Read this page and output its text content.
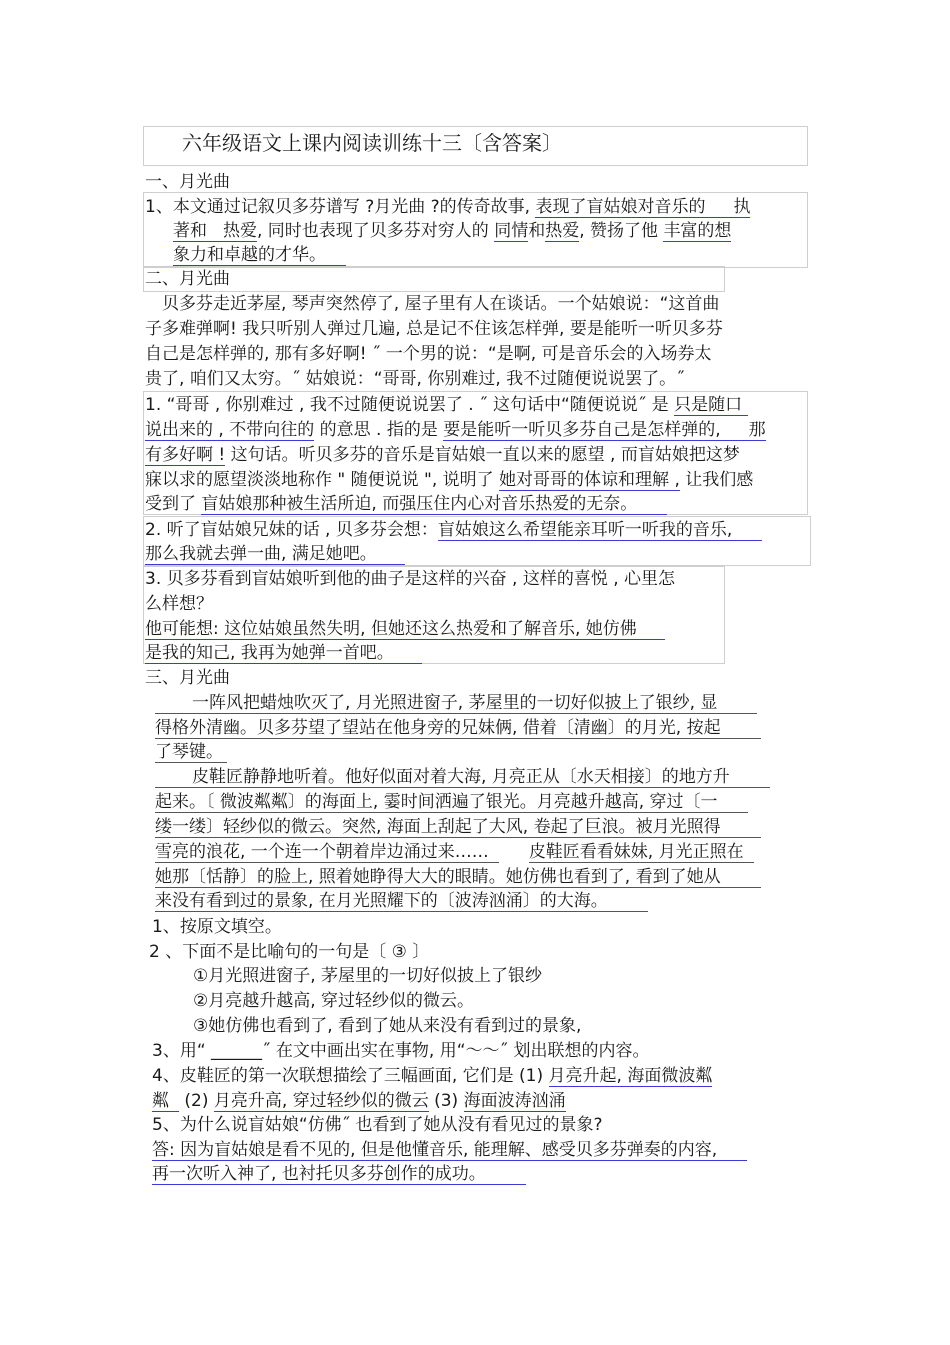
六年级语文上课内阅读训练十三〔含答案〕
一、月光曲
1、本文通过记叙贝多芬谱写 ?月光曲 ?的传奇故事, 表现了盲姑娘对音乐的 执
著和 热爱, 同时也表现了贝多芬对穷人的 同情和热爱, 赞扬了他 丰富的想
象力和卓越的才华。
二、月光曲
贝多芬走近茅屋, 琴声突然停了, 屋子里有人在谈话。一个姑娘说：“这首曲
子多难弹啊! 我只听别人弹过几遍, 总是记不住该怎样弹, 要是能听一听贝多芬
自己是怎样弹的, 那有多好啊! ˝ 一个男的说：“是啊, 可是音乐会的入场券太
贵了, 咱们又太穷。˝ 姑娘说：“哥哥, 你别难过, 我不过随便说说罢了。˝
1. “哥哥 , 你别难过 , 我不过随便说说罢了 . ˝ 这句话中“随便说说˝ 是 只是随口
说出来的 , 不带向往的 的意思 . 指的是 要是能听一听贝多芬自己是怎样弹的, 那
有多好啊 ! 这句话。听贝多芬的音乐是盲姑娘一直以来的愿望 , 而盲姑娘把这梦
寐以求的愿望淡淡地称作 " 随便说说 ", 说明了 她对哥哥的体谅和理解 , 让我们感
受到了 盲姑娘那种被生活所迫, 而强压住内心对音乐热爱的无奈。
2. 听了盲姑娘兄妹的话 , 贝多芬会想：盲姑娘这么希望能亲耳听一听我的音乐,
那么我就去弹一曲, 满足她吧。
3. 贝多芬看到盲姑娘听到他的曲子是这样的兴奋 , 这样的喜悦 , 心里怎
么样想？
他可能想: 这位姑娘虽然失明, 但她还这么热爱和了解音乐, 她仿佛
是我的知己, 我再为她弹一首吧。
三、月光曲
一阵风把蜡烛吹灭了, 月光照进窗子, 茅屋里的一切好似披上了银纱, 显
得格外清幽。贝多芬望了望站在他身旁的兄妹俩, 借着〔清幽〕的月光, 按起
了琴键。
皮鞋匠静静地听着。他好似面对着大海, 月亮正从〔水天相接〕的地方升
起来。〔 微波粼粼〕的海面上, 霎时间洒遍了银光。月亮越升越高, 穿过〔一
缕一缕〕轻纱似的微云。突然, 海面上刮起了大风, 卷起了巨浪。被月光照得
雪亮的浪花, 一个连一个朝着岸边涌过来…… 皮鞋匠看看妹妹, 月光正照在
她那〔恬静〕的脸上, 照着她睁得大大的眼睛。她仿佛也看到了, 看到了她从
来没有看到过的景象, 在月光照耀下的〔波涛汹涌〕的大海。
1、按原文填空。
2 、下面不是比喻句的一句是〔 ③ 〕
①月光照进窗子, 茅屋里的一切好似披上了银纱
②月亮越升越高, 穿过轻纱似的微云。
③她仿佛也看到了, 看到了她从来没有看到过的景象,
3、用“ ______˝ 在文中画出实在事物, 用“～～˝ 划出联想的内容。
4、皮鞋匠的第一次联想描绘了三幅画面, 它们是 (1) 月亮升起, 海面微波粼
粼 (2) 月亮升高, 穿过轻纱似的微云 (3) 海面波涛汹涌
5、为什么说盲姑娘“仿佛˝ 也看到了她从没有看见过的景象?
答: 因为盲姑娘是看不见的, 但是他懂音乐, 能理解、感受贝多芬弹奏的内容,
再一次听入神了, 也衬托贝多芬创作的成功。
